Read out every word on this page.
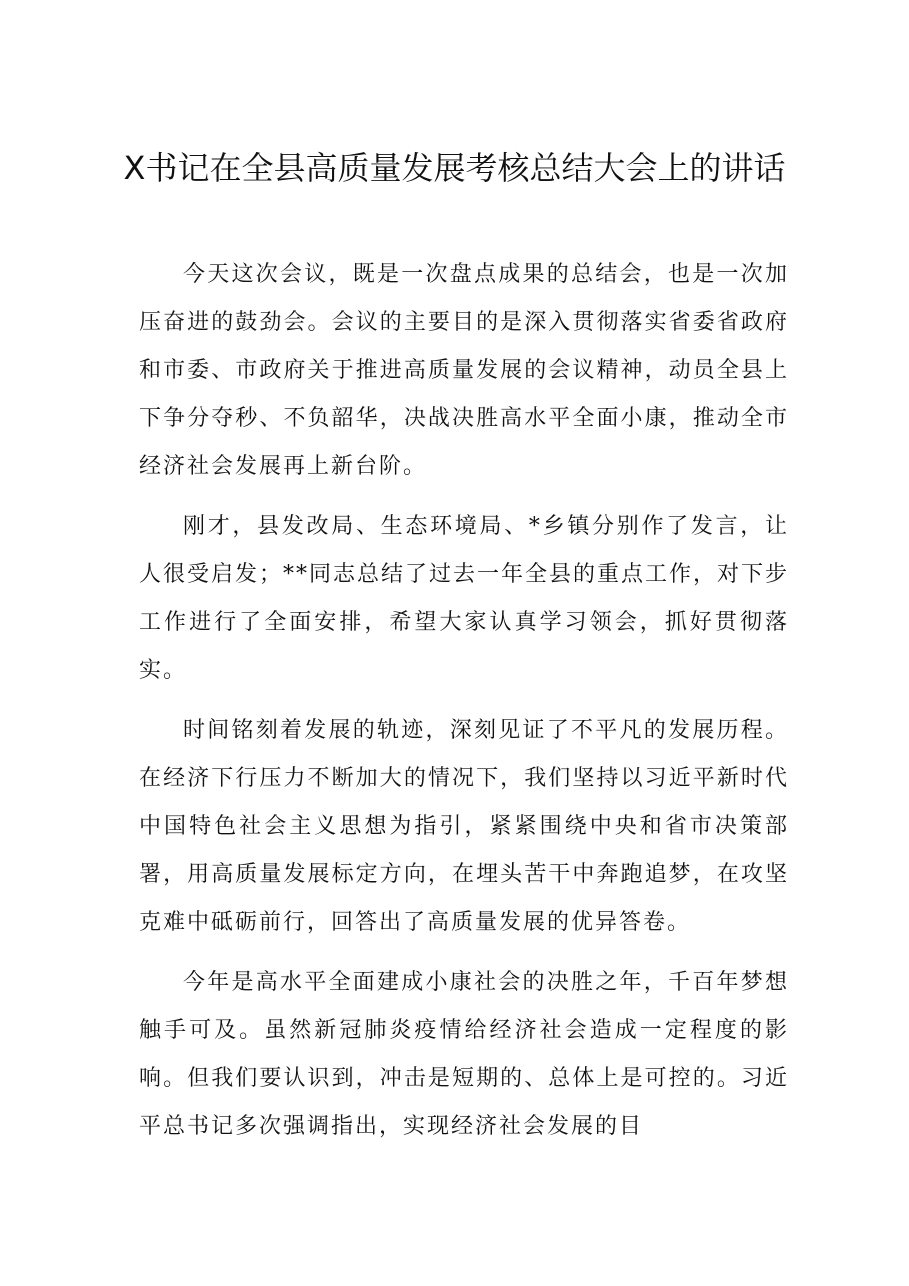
X书记在全县高质量发展考核总结大会上的讲话

今天这次会议，既是一次盘点成果的总结会，也是一次加压奋进的鼓劲会。会议的主要目的是深入贯彻落实省委省政府和市委、市政府关于推进高质量发展的会议精神，动员全县上下争分夺秒、不负韶华，决战决胜高水平全面小康，推动全市经济社会发展再上新台阶。

刚才，县发改局、生态环境局、*乡镇分别作了发言，让人很受启发；**同志总结了过去一年全县的重点工作，对下步工作进行了全面安排，希望大家认真学习领会，抓好贯彻落实。

时间铭刻着发展的轨迹，深刻见证了不平凡的发展历程。在经济下行压力不断加大的情况下，我们坚持以习近平新时代中国特色社会主义思想为指引，紧紧围绕中央和省市决策部署，用高质量发展标定方向，在埋头苦干中奔跑追梦，在攻坚克难中砥砺前行，回答出了高质量发展的优异答卷。

今年是高水平全面建成小康社会的决胜之年，千百年梦想触手可及。虽然新冠肺炎疫情给经济社会造成一定程度的影响。但我们要认识到，冲击是短期的、总体上是可控的。习近平总书记多次强调指出，实现经济社会发展的目
